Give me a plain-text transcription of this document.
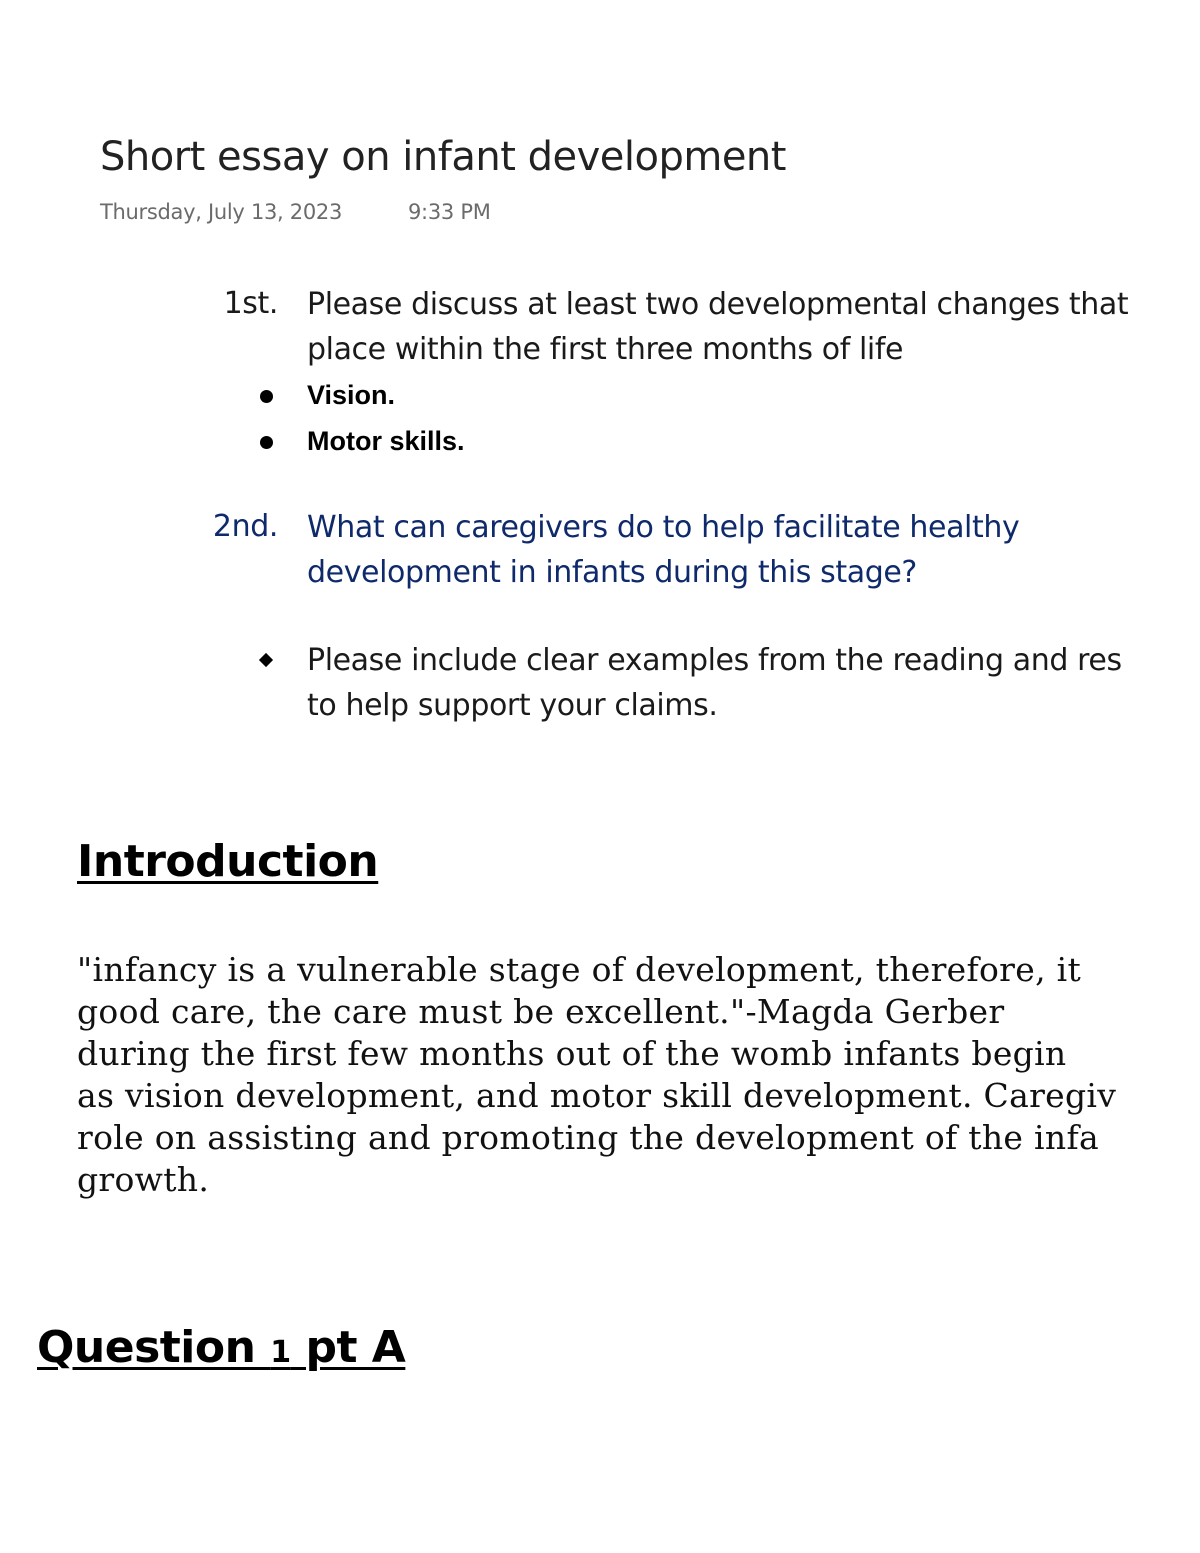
Short essay on infant development
Thursday, July 13, 2023	9:33 PM
1st. Please discuss at least two developmental changes that
place within the first three months of life
Vision.
Motor skills.
2nd. What can caregivers do to help facilitate healthy
development in infants during this stage?
Please include clear examples from the reading and res
to help support your claims.
Introduction
"infancy is a vulnerable stage of development, therefore, it
good care, the care must be excellent."-Magda Gerber
during the first few months out of the womb infants begin
as vision development, and motor skill development. Caregiv
role on assisting and promoting the development of the infa
growth.
Question 1 pt A
